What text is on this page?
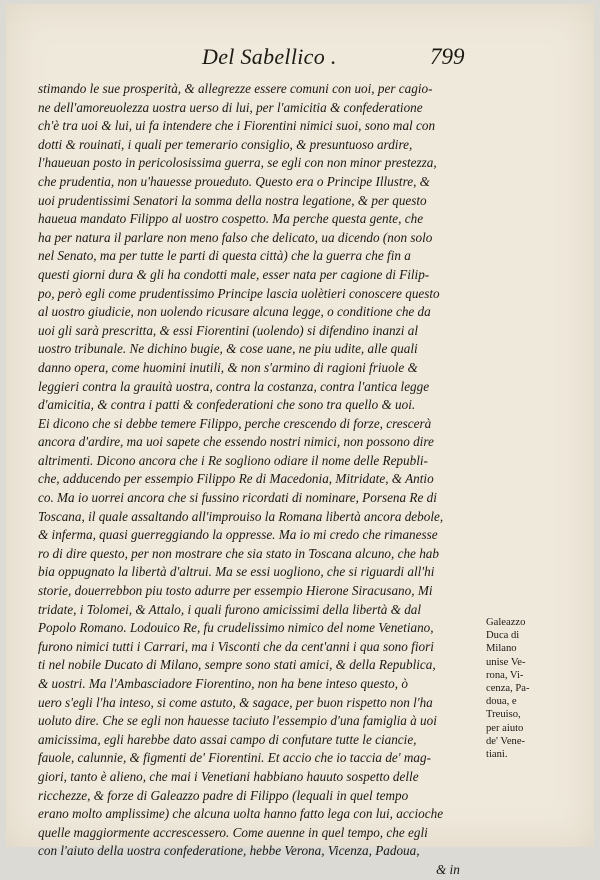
Del Sabellico .	799
stimando le sue prosperità, & allegrezze essere comuni con uoi, per cagio-
ne dell'amoreuolezza uostra uerso di lui, per l'amicitia & confederatione
ch'è tra uoi & lui, ui fa intendere che i Fiorentini nimici suoi, sono mal con
dotti & rouinati, i quali per temerario consiglio, & presuntuoso ardire,
l'haueuan posto in pericolosissima guerra, se egli con non minor prestezza,
che prudentia, non u'hauesse proueduto. Questo era o Principe Illustre, &
uoi prudentissimi Senatori la somma della nostra legatione, & per questo
haueua mandato Filippo al uostro cospetto. Ma perche questa gente, che
ha per natura il parlare non meno falso che delicato, ua dicendo (non solo
nel Senato, ma per tutte le parti di questa città) che la guerra che fin a
questi giorni dura & gli ha condotti male, esser nata per cagione di Filip-
po, però egli come prudentissimo Principe lascia uolètieri conoscere questo
al uostro giudicie, non uolendo ricusare alcuna legge, o conditione che da
uoi gli sarà prescritta, & essi Fiorentini (uolendo) si difendino inanzi al
uostro tribunale. Ne dichino bugie, & cose uane, ne piu udite, alle quali
danno opera, come huomini inutili, & non s'armino di ragioni friuole &
leggieri contra la grauità uostra, contra la costanza, contra l'antica legge
d'amicitia, & contra i patti & confederationi che sono tra quello & uoi.
Ei dicono che si debbe temere Filippo, perche crescendo di forze, crescerà
ancora d'ardire, ma uoi sapete che essendo nostri nimici, non possono dire
altrimenti. Dicono ancora che i Re sogliono odiare il nome delle Republi-
che, adducendo per essempio Filippo Re di Macedonia, Mitridate, & Antio
co. Ma io uorrei ancora che si fussino ricordati di nominare, Porsena Re di
Toscana, il quale assaltando all'improuiso la Romana libertà ancora debole,
& inferma, quasi guerreggiando la oppresse. Ma io mi credo che rimanesse
ro di dire questo, per non mostrare che sia stato in Toscana alcuno, che hab
bia oppugnato la libertà d'altrui. Ma se essi uogliono, che si riguardi all'hi
storie, douerrebbon piu tosto adurre per essempio Hierone Siracusano, Mi
tridate, i Tolomei, & Attalo, i quali furono amicissimi della libertà & dal
Popolo Romano. Lodouico Re, fu crudelissimo nimico del nome Venetiano,
furono nimici tutti i Carrari, ma i Visconti che da cent'anni i qua sono fiori
ti nel nobile Ducato di Milano, sempre sono stati amici, & della Republica,
& uostri. Ma l'Ambasciadore Fiorentino, non ha bene inteso questo, ò
uero s'egli l'ha inteso, si come astuto, & sagace, per buon rispetto non l'ha
uoluto dire. Che se egli non hauesse taciuto l'essempio d'una famiglia à uoi
amicissima, egli harebbe dato assai campo di confutare tutte le ciancie,
fauole, calunnie, & figmenti de' Fiorentini. Et accio che io taccia de' mag-
giori, tanto è alieno, che mai i Venetiani habbiano hauuto sospetto delle
ricchezze, & forze di Galeazzo padre di Filippo (lequali in quel tempo
erano molto amplissime) che alcuna uolta hanno fatto lega con lui, accioche
quelle maggiormente accrescessero. Come auenne in quel tempo, che egli
con l'aiuto della uostra confederatione, hebbe Verona, Vicenza, Padoua,
& in
Galeazzo
Duca di
Milano
unise Ve-
rona, Vi-
cenza, Pa-
doua, e
Treuiso,
per aiuto
de' Vene-
tiani.
